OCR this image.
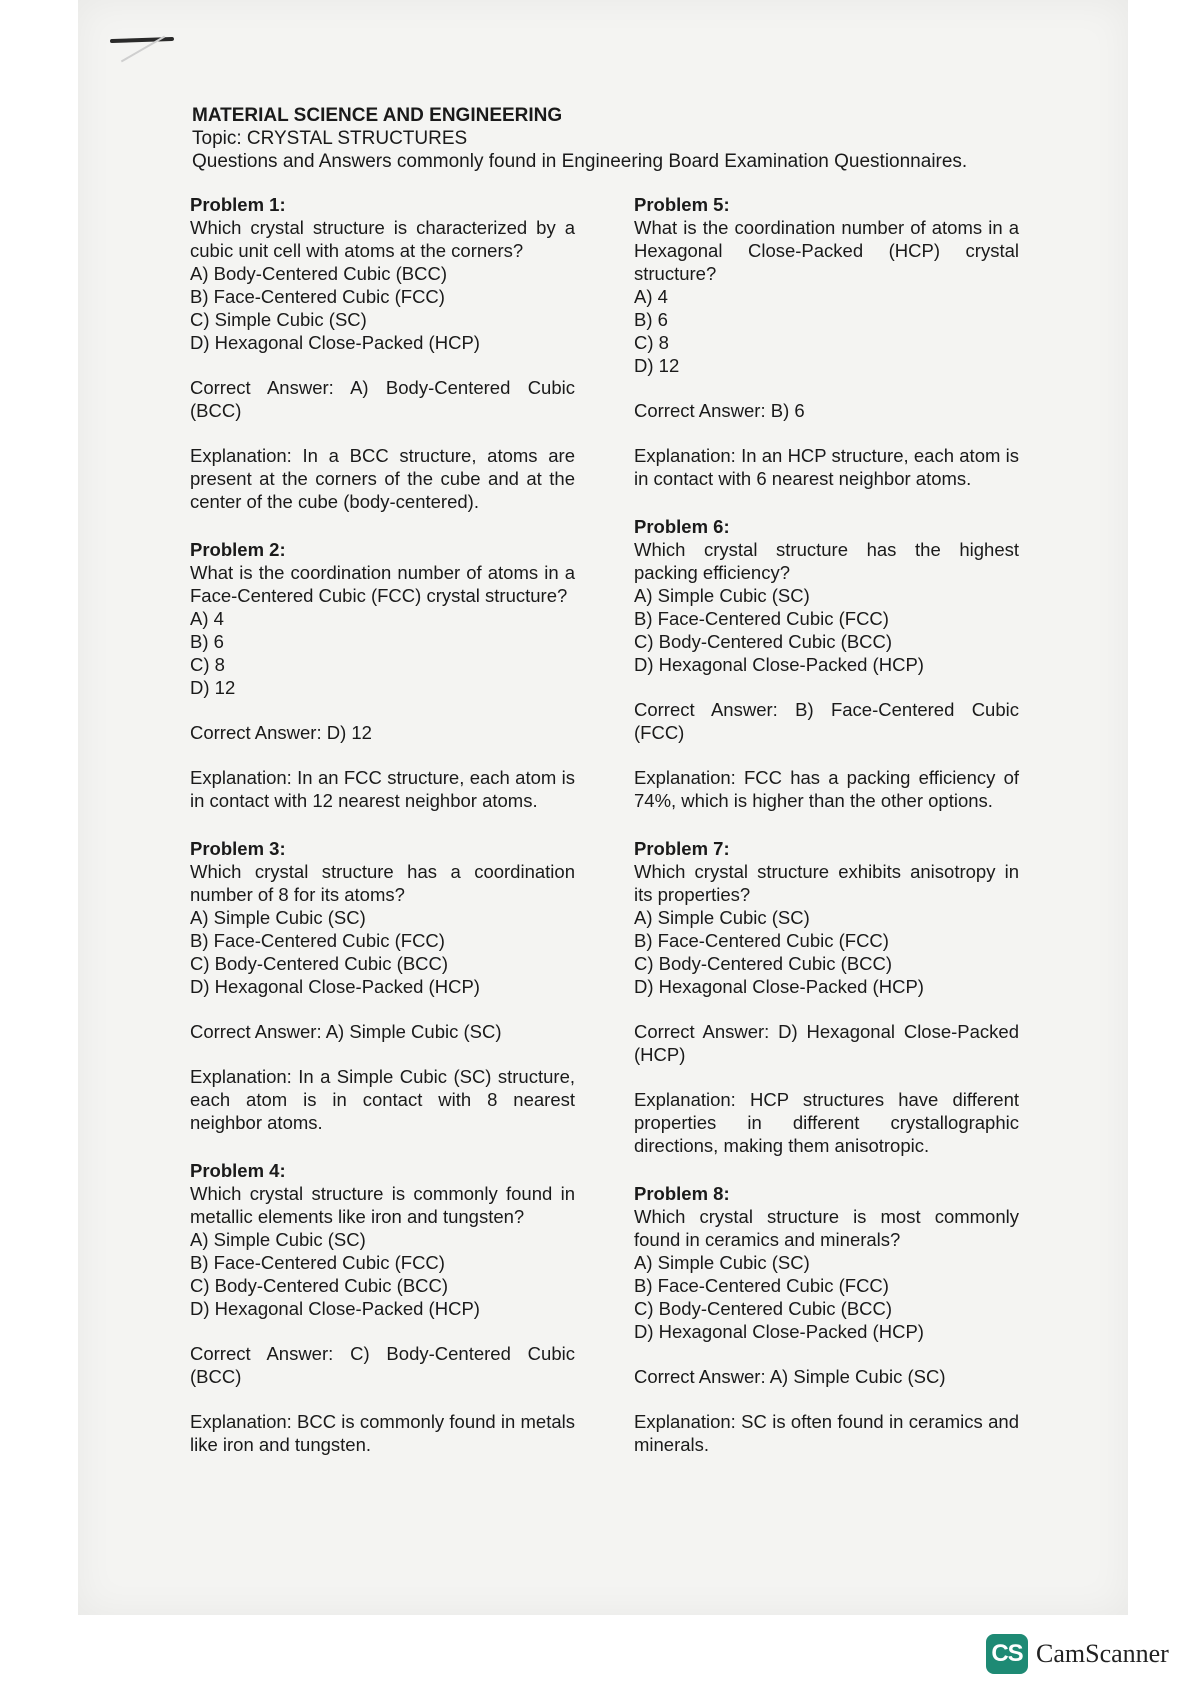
MATERIAL SCIENCE AND ENGINEERING
Topic: CRYSTAL STRUCTURES
Questions and Answers commonly found in Engineering Board Examination Questionnaires.
Problem 1:
Which crystal structure is characterized by a cubic unit cell with atoms at the corners?
A) Body-Centered Cubic (BCC)
B) Face-Centered Cubic (FCC)
C) Simple Cubic (SC)
D) Hexagonal Close-Packed (HCP)
Correct Answer: A) Body-Centered Cubic (BCC)
Explanation: In a BCC structure, atoms are present at the corners of the cube and at the center of the cube (body-centered).
Problem 2:
What is the coordination number of atoms in a Face-Centered Cubic (FCC) crystal structure?
A) 4
B) 6
C) 8
D) 12
Correct Answer: D) 12
Explanation: In an FCC structure, each atom is in contact with 12 nearest neighbor atoms.
Problem 3:
Which crystal structure has a coordination number of 8 for its atoms?
A) Simple Cubic (SC)
B) Face-Centered Cubic (FCC)
C) Body-Centered Cubic (BCC)
D) Hexagonal Close-Packed (HCP)
Correct Answer: A) Simple Cubic (SC)
Explanation: In a Simple Cubic (SC) structure, each atom is in contact with 8 nearest neighbor atoms.
Problem 4:
Which crystal structure is commonly found in metallic elements like iron and tungsten?
A) Simple Cubic (SC)
B) Face-Centered Cubic (FCC)
C) Body-Centered Cubic (BCC)
D) Hexagonal Close-Packed (HCP)
Correct Answer: C) Body-Centered Cubic (BCC)
Explanation: BCC is commonly found in metals like iron and tungsten.
Problem 5:
What is the coordination number of atoms in a Hexagonal Close-Packed (HCP) crystal structure?
A) 4
B) 6
C) 8
D) 12
Correct Answer: B) 6
Explanation: In an HCP structure, each atom is in contact with 6 nearest neighbor atoms.
Problem 6:
Which crystal structure has the highest packing efficiency?
A) Simple Cubic (SC)
B) Face-Centered Cubic (FCC)
C) Body-Centered Cubic (BCC)
D) Hexagonal Close-Packed (HCP)
Correct Answer: B) Face-Centered Cubic (FCC)
Explanation: FCC has a packing efficiency of 74%, which is higher than the other options.
Problem 7:
Which crystal structure exhibits anisotropy in its properties?
A) Simple Cubic (SC)
B) Face-Centered Cubic (FCC)
C) Body-Centered Cubic (BCC)
D) Hexagonal Close-Packed (HCP)
Correct Answer: D) Hexagonal Close-Packed (HCP)
Explanation: HCP structures have different properties in different crystallographic directions, making them anisotropic.
Problem 8:
Which crystal structure is most commonly found in ceramics and minerals?
A) Simple Cubic (SC)
B) Face-Centered Cubic (FCC)
C) Body-Centered Cubic (BCC)
D) Hexagonal Close-Packed (HCP)
Correct Answer: A) Simple Cubic (SC)
Explanation: SC is often found in ceramics and minerals.
CS CamScanner
